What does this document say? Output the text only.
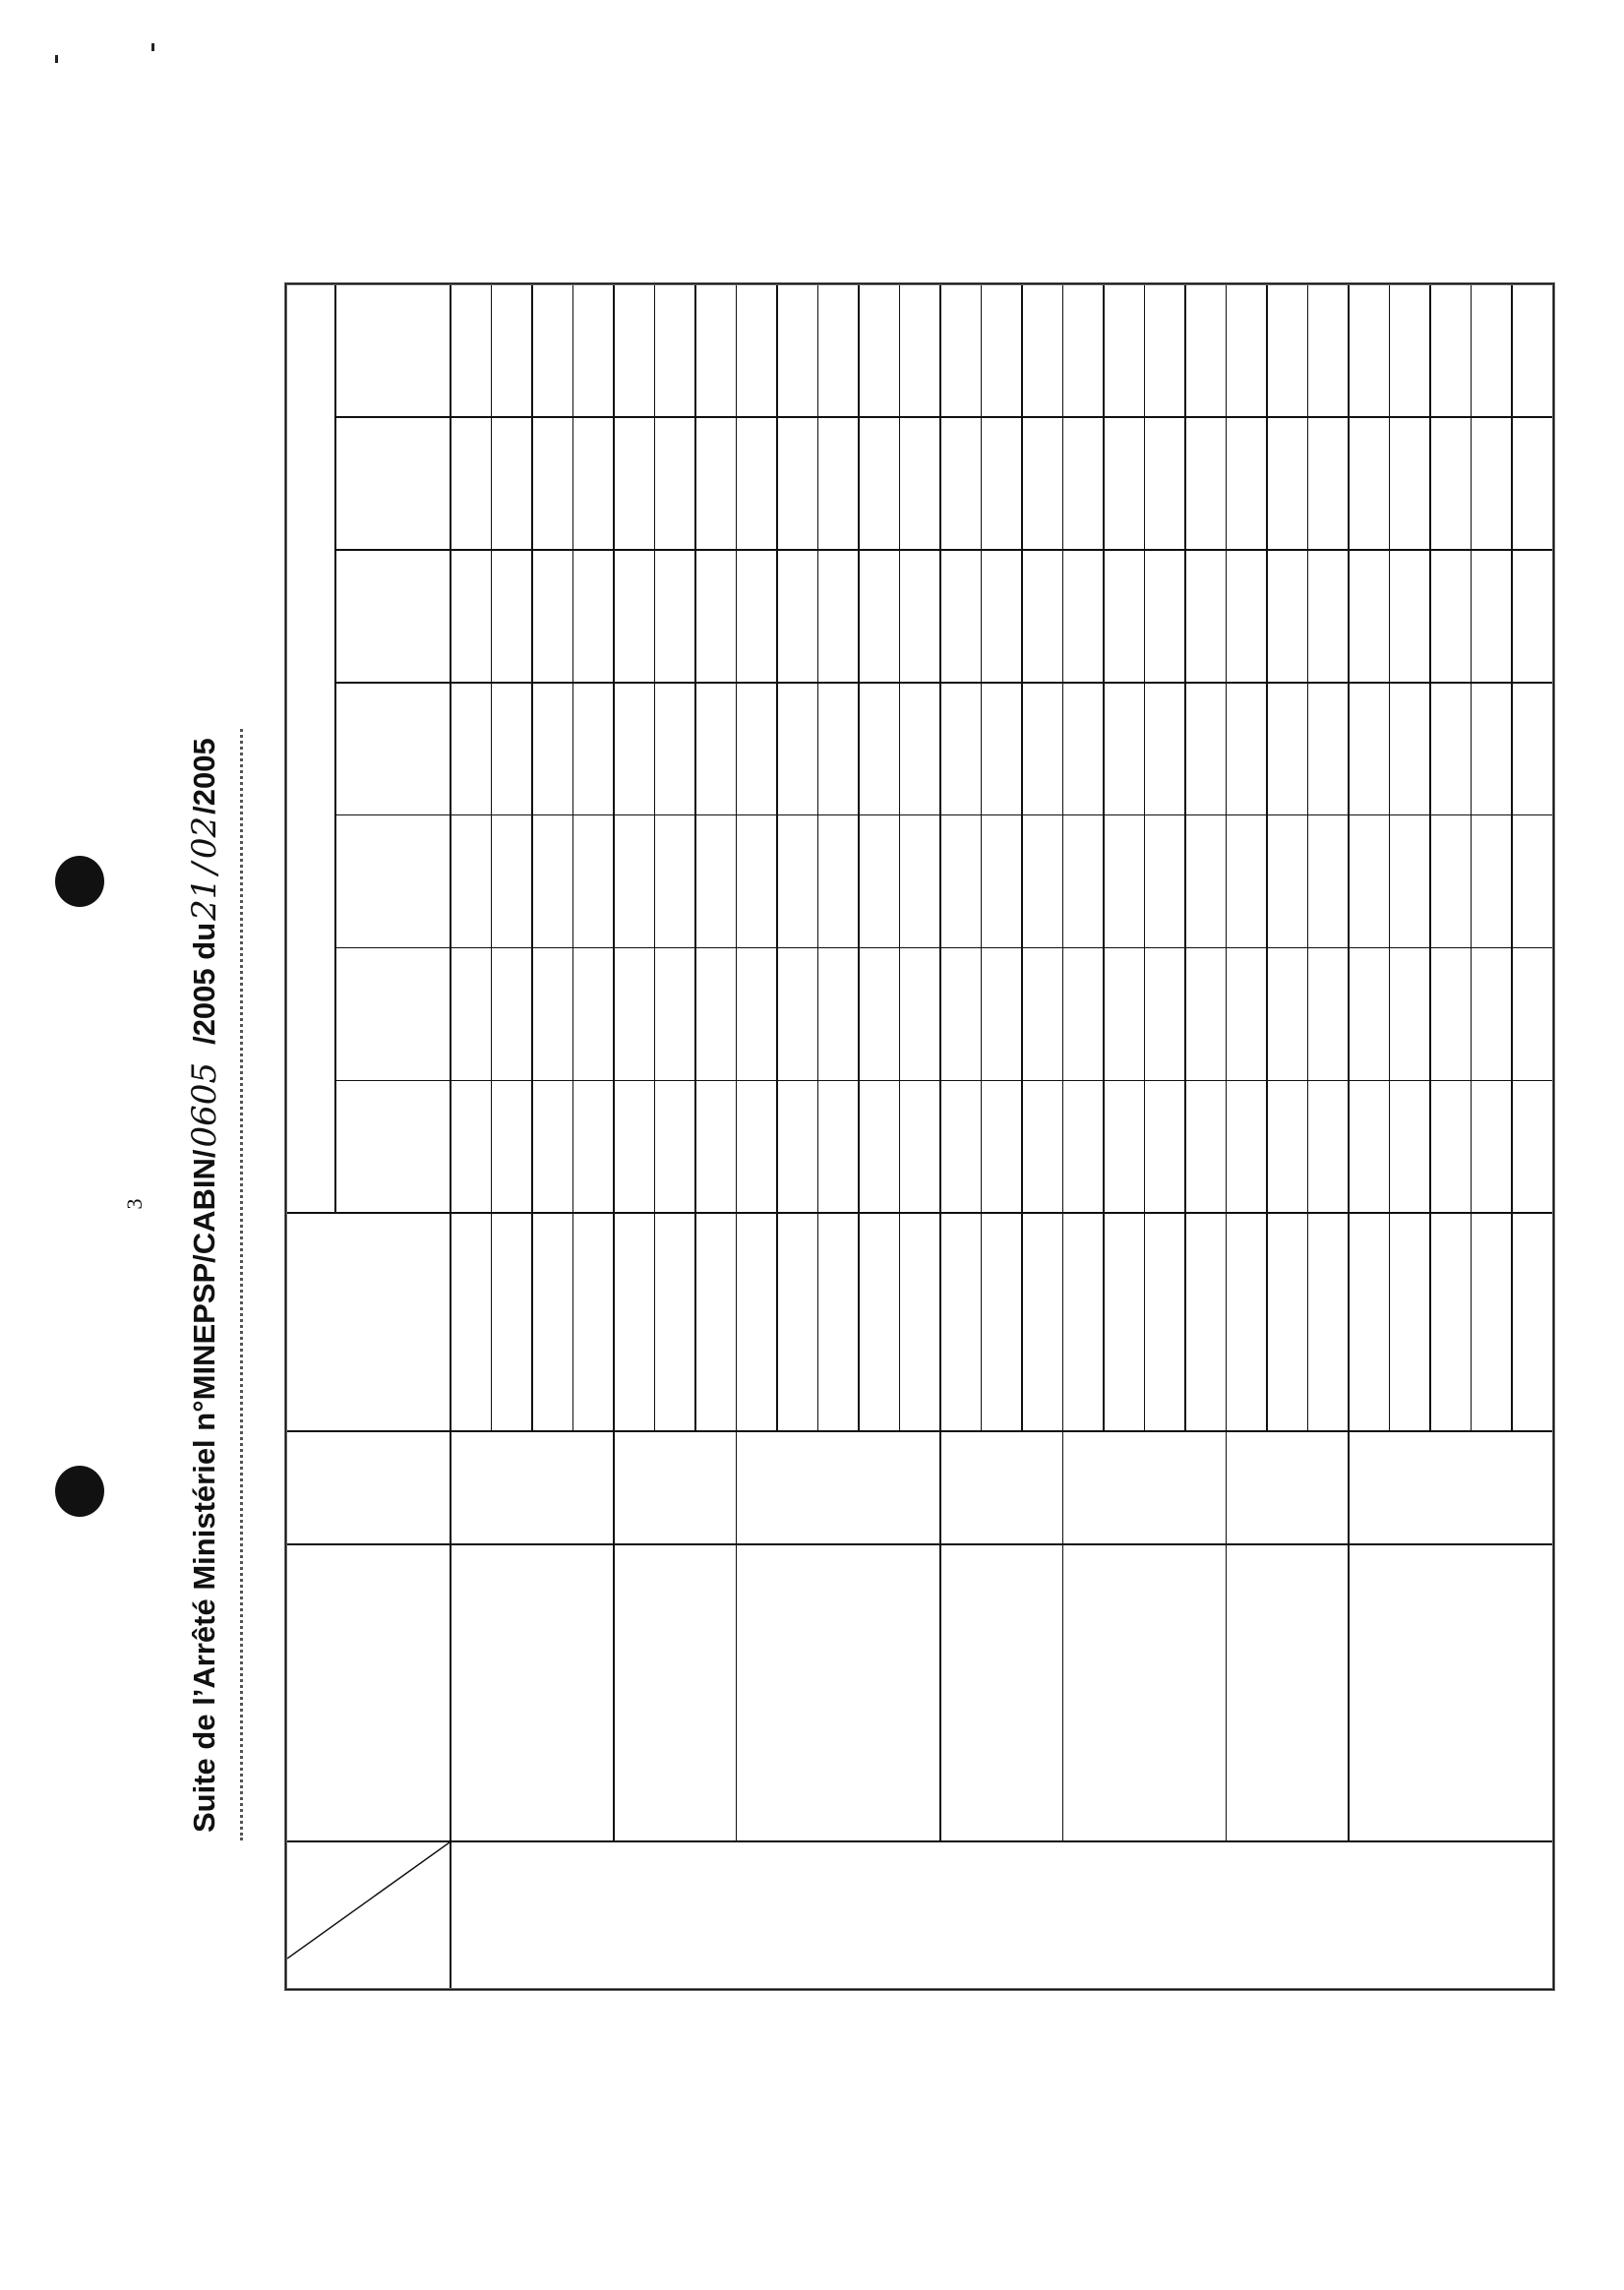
3 Suite de l’Arrêté Ministériel n°MINEPSP/CABIN/
0605
/2005 du
21
/
02
/2005
